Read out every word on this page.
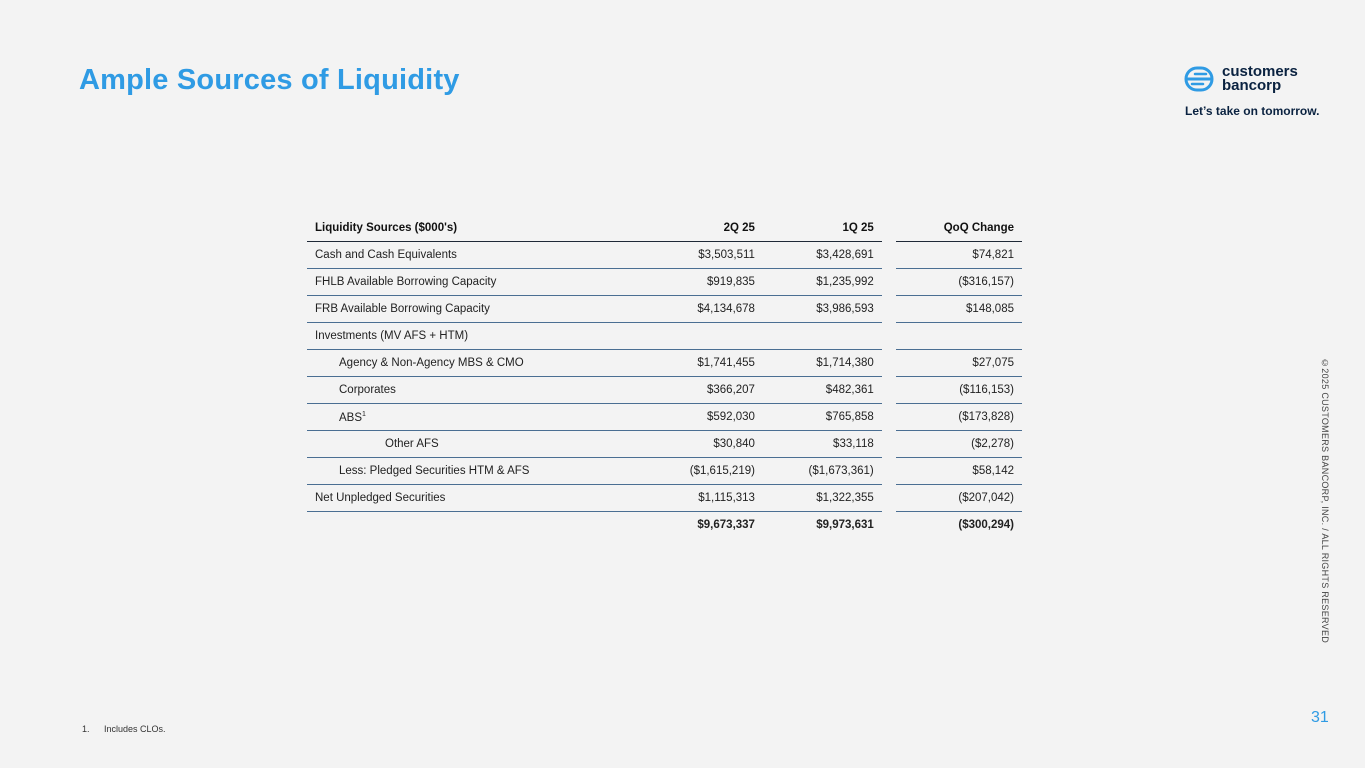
Ample Sources of Liquidity	customers
bancorp
Let’s take on tomorrow.
©2025 CUSTOMERS BANCORP, INC. / ALL RIGHTS RESERVED
Liquidity Sources ($000's)	2Q 25	1Q 25		QoQ Change
Cash and Cash Equivalents	$3,503,511	$3,428,691		$74,821
FHLB Available Borrowing Capacity	$919,835	$1,235,992		($316,157)
FRB Available Borrowing Capacity	$4,134,678	$3,986,593		$148,085
Investments (MV AFS + HTM)				
Agency & Non-Agency MBS & CMO	$1,741,455	$1,714,380		$27,075
Corporates	$366,207	$482,361		($116,153)
ABS$^1$	$592,030	$765,858		($173,828)
Other AFS	$30,840	$33,118		($2,278)
Less: Pledged Securities HTM & AFS	($1,615,219)	($1,673,361)		$58,142
Net Unpledged Securities	$1,115,313	$1,322,355		($207,042)
	$9,673,337	$9,973,631		($300,294)
1. Includes CLOs.
31
